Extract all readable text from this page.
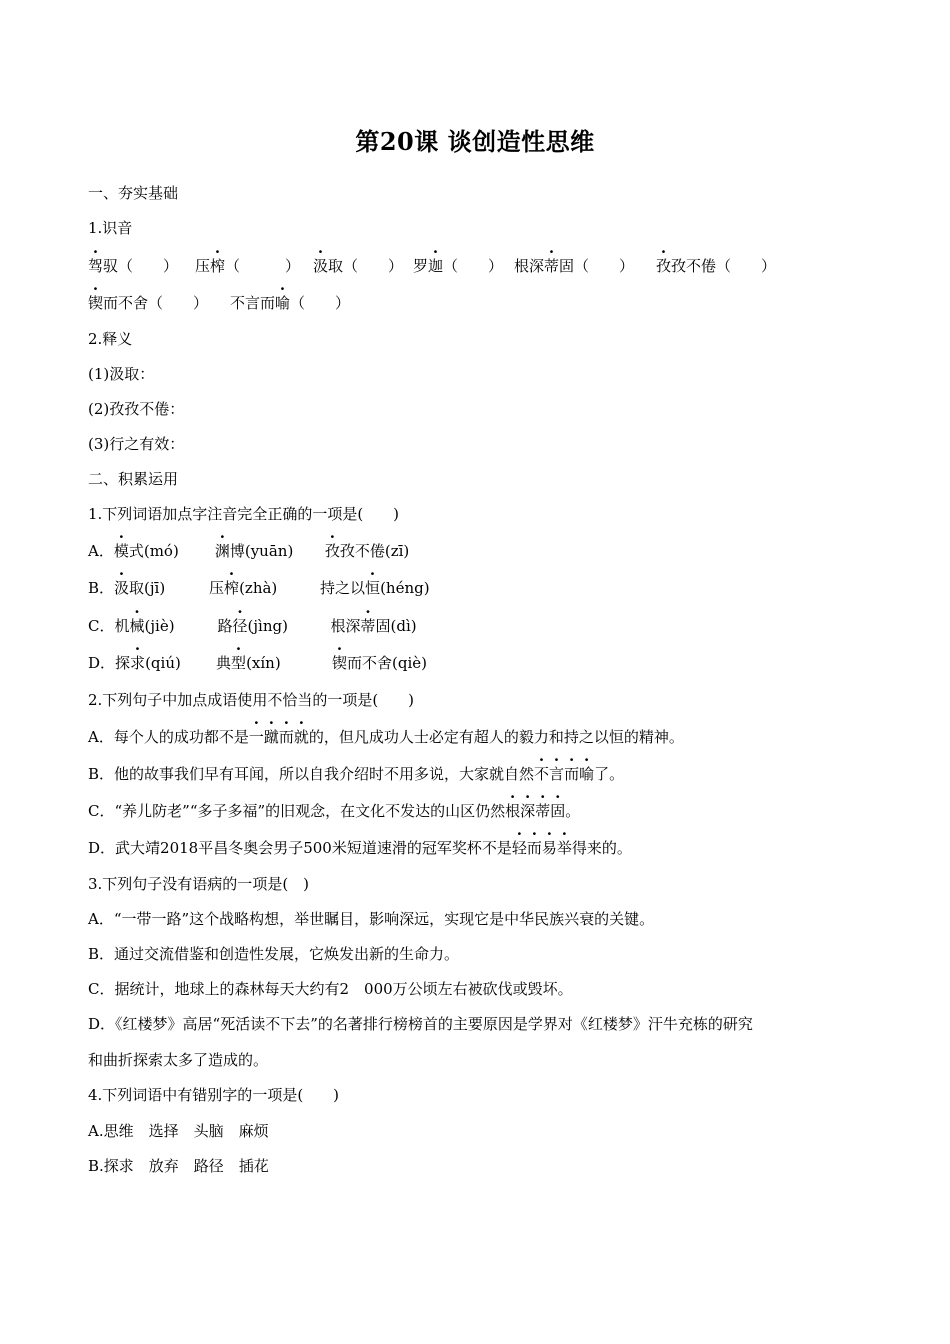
第20课 谈创造性思维
一、夯实基础
1.识音
驾驭（　　） 压榨（　　　） 汲取（　　） 罗迦（　　） 根深蒂固（　　） 孜孜不倦（　　）
锲而不舍（　　） 不言而喻（　　）
2.释义
(1)汲取：
(2)孜孜不倦：
(3)行之有效：
二、积累运用
1.下列词语加点字注音完全正确的一项是(　　)
A．模式(mó) 渊博(yuān) 孜孜不倦(zī)
B．汲取(jī)	压榨(zhà)	持之以恒(héng)
C．机械(jiè)	路径(jìng)	根深蒂固(dì)
D．探求(qiú) 典型(xín)	锲而不舍(qiè)
2.下列句子中加点成语使用不恰当的一项是(　　)
A．每个人的成功都不是一蹴而就的，但凡成功人士必定有超人的毅力和持之以恒的精神。
B．他的故事我们早有耳闻，所以自我介绍时不用多说，大家就自然不言而喻了。
C．“养儿防老”“多子多福”的旧观念，在文化不发达的山区仍然根深蒂固。
D．武大靖2018平昌冬奥会男子500米短道速滑的冠军奖杯不是轻而易举得来的。
3.下列句子没有语病的一项是(　)
A．“一带一路”这个战略构想，举世瞩目，影响深远，实现它是中华民族兴衰的关键。
B．通过交流借鉴和创造性发展，它焕发出新的生命力。
C．据统计，地球上的森林每天大约有2　000万公顷左右被砍伐或毁坏。
D．《红楼梦》高居“死活读不下去”的名著排行榜榜首的主要原因是学界对《红楼梦》汗牛充栋的研究
和曲折探索太多了造成的。
4.下列词语中有错别字的一项是(　　)
A.思维　选择　头脑　麻烦
B.探求　放弃　路径　插花
